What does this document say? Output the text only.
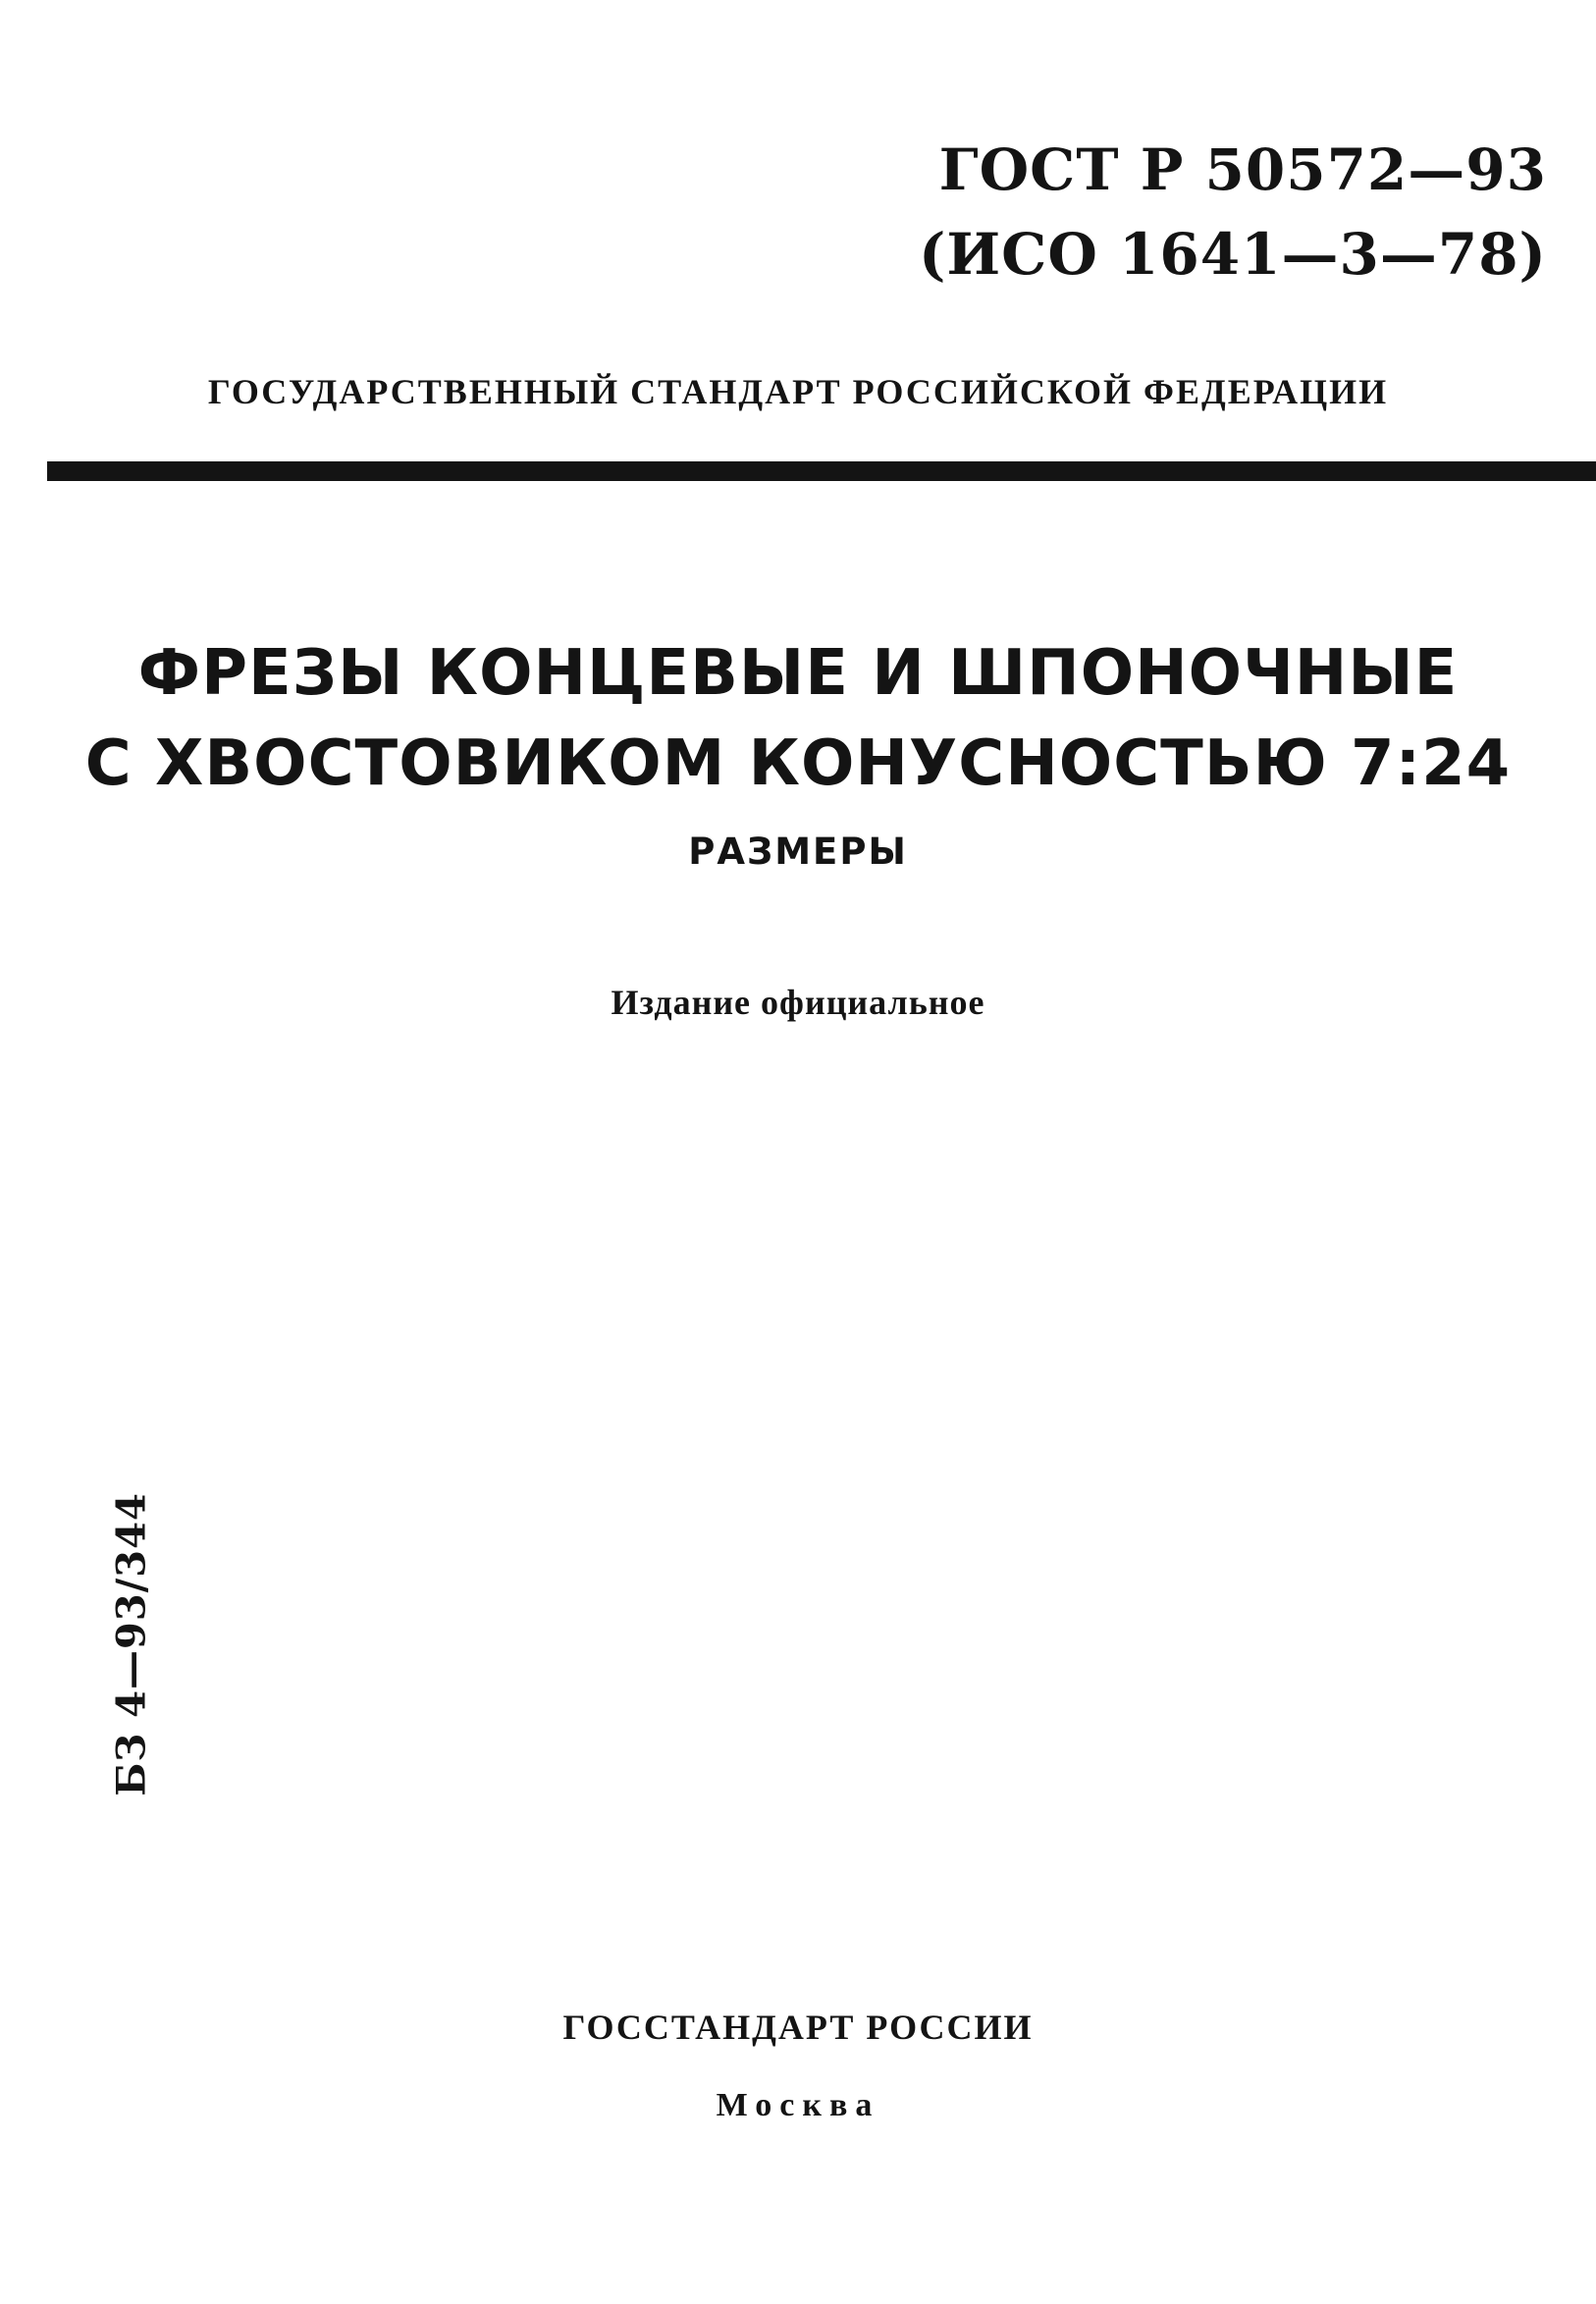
ГОСТ Р 50572—93
(ИСО 1641—3—78)
ГОСУДАРСТВЕННЫЙ СТАНДАРТ РОССИЙСКОЙ ФЕДЕРАЦИИ
ФРЕЗЫ КОНЦЕВЫЕ И ШПОНОЧНЫЕ
С ХВОСТОВИКОМ КОНУСНОСТЬЮ 7:24
РАЗМЕРЫ
Издание официальное
БЗ 4—93/344
ГОССТАНДАРТ РОССИИ
Москва
